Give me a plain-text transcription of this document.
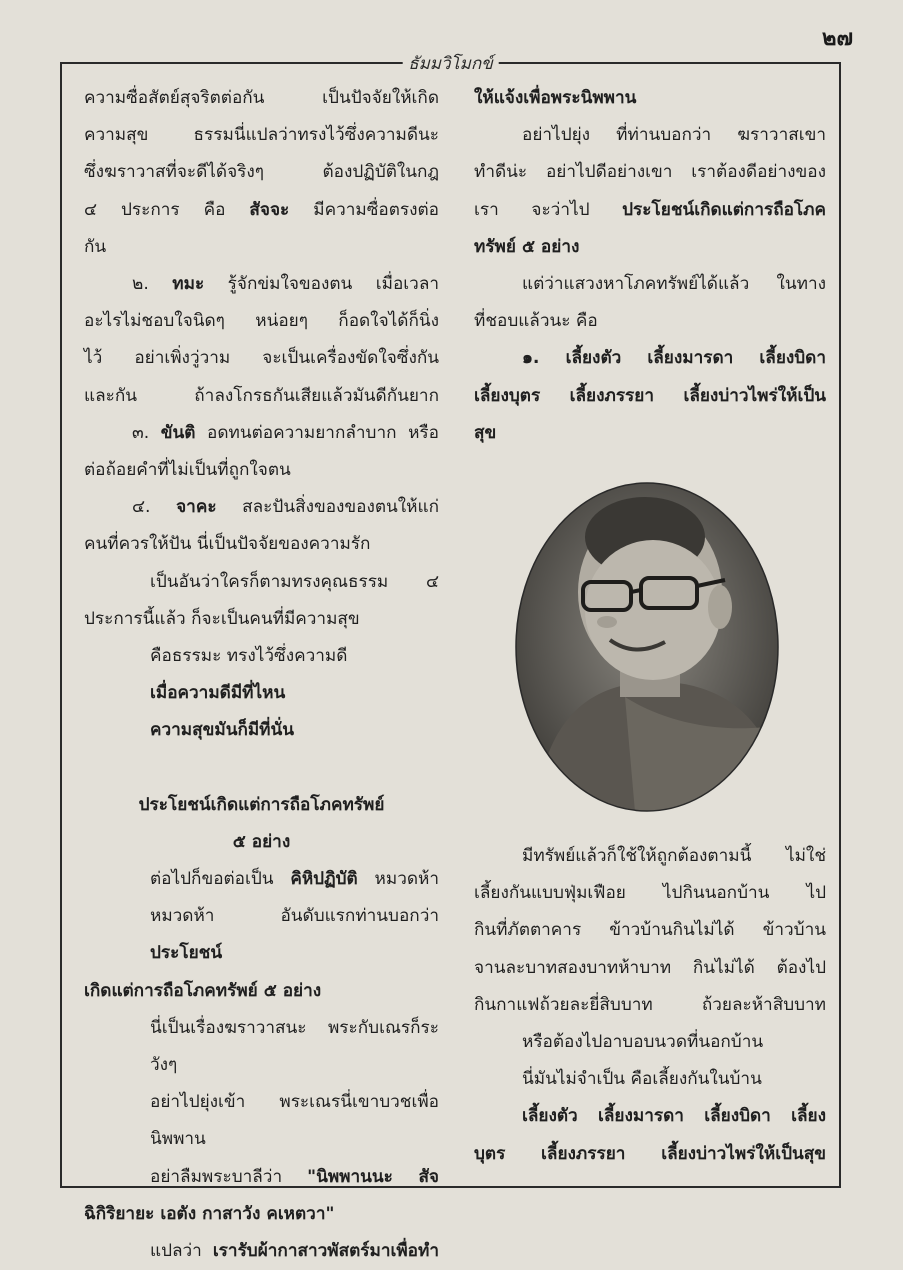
๒๗
ธัมมวิโมกข์

ความซื่อสัตย์สุจริตต่อกัน เป็นปัจจัยให้เกิด

ความสุข ธรรมนี่แปลว่าทรงไว้ซึ่งความดีนะ

ซึ่งฆราวาสที่จะดีได้จริงๆ ต้องปฏิบัติในกฎ

๔ ประการ คือ สัจจะ มีความซื่อตรงต่อ

กัน

๒. ทมะ รู้จักข่มใจของตน เมื่อเวลา

อะไรไม่ชอบใจนิดๆ หน่อยๆ ก็อดใจได้ก็นิ่ง

ไว้ อย่าเพิ่งวู่วาม จะเป็นเครื่องขัดใจซึ่งกัน

และกัน ถ้าลงโกรธกันเสียแล้วมันดีกันยาก

๓. ขันติ อดทนต่อความยากลำบาก หรือ

ต่อถ้อยคำที่ไม่เป็นที่ถูกใจตน

๔. จาคะ สละปันสิ่งของของตนให้แก่

คนที่ควรให้ปัน นี่เป็นปัจจัยของความรัก

เป็นอันว่าใครก็ตามทรงคุณธรรม ๔

ประการนี้แล้ว ก็จะเป็นคนที่มีความสุข

คือธรรมะ ทรงไว้ซึ่งความดี

เมื่อความดีมีที่ไหน

ความสุขมันก็มีที่นั่น

ประโยชน์เกิดแต่การถือโภคทรัพย์

๕ อย่าง

ต่อไปก็ขอต่อเป็น คิหิปฏิบัติ หมวดห้า

หมวดห้า อันดับแรกท่านบอกว่า ประโยชน์

เกิดแต่การถือโภคทรัพย์ ๕ อย่าง

นี่เป็นเรื่องฆราวาสนะ พระกับเณรก็ระวังๆ

อย่าไปยุ่งเข้า พระเณรนี่เขาบวชเพื่อนิพพาน

อย่าลืมพระบาลีว่า "นิพพานนะ สัจ

ฉิกิริยายะ เอตัง กาสาวัง คเหตวา"

แปลว่า เรารับผ้ากาสาวพัสตร์มาเพื่อทำ

ให้แจ้งเพื่อพระนิพพาน

อย่าไปยุ่ง ที่ท่านบอกว่า ฆราวาสเขา

ทำดีน่ะ อย่าไปดีอย่างเขา เราต้องดีอย่างของ

เรา จะว่าไป ประโยชน์เกิดแต่การถือโภค

ทรัพย์ ๕ อย่าง

แต่ว่าแสวงหาโภคทรัพย์ได้แล้ว ในทาง

ที่ชอบแล้วนะ คือ

๑. เลี้ยงตัว เลี้ยงมารดา เลี้ยงบิดา

เลี้ยงบุตร เลี้ยงภรรยา เลี้ยงบ่าวไพร่ให้เป็น

สุข

มีทรัพย์แล้วก็ใช้ให้ถูกต้องตามนี้ ไม่ใช่

เลี้ยงกันแบบฟุ่มเฟือย ไปกินนอกบ้าน ไป

กินที่ภัตตาคาร ข้าวบ้านกินไม่ได้ ข้าวบ้าน

จานละบาทสองบาทห้าบาท กินไม่ได้ ต้องไป

กินกาแฟถ้วยละยี่สิบบาท ถ้วยละห้าสิบบาท

หรือต้องไปอาบอบนวดที่นอกบ้าน

นี่มันไม่จำเป็น คือเลี้ยงกันในบ้าน

เลี้ยงตัว เลี้ยงมารดา เลี้ยงบิดา เลี้ยง

บุตร เลี้ยงภรรยา เลี้ยงบ่าวไพร่ให้เป็นสุข
